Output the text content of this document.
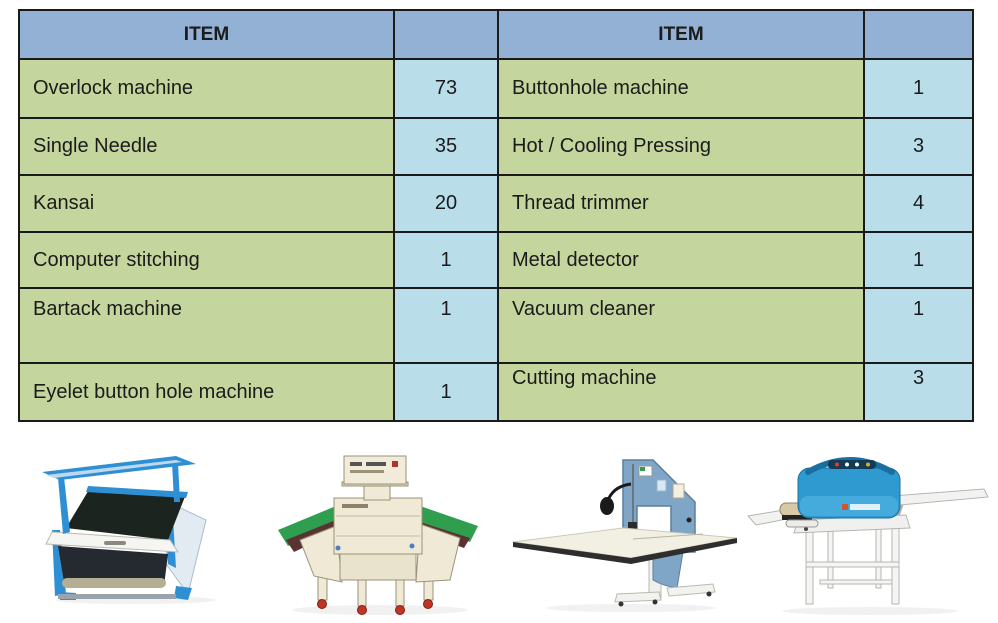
ITEM		ITEM	
Overlock machine	73	Buttonhole machine	1
Single Needle	35	Hot / Cooling Pressing	3
Kansai	20	Thread trimmer	4
Computer stitching	1	Metal detector	1
Bartack machine	1	Vacuum cleaner	1
Eyelet button hole machine	1	Cutting machine	3
